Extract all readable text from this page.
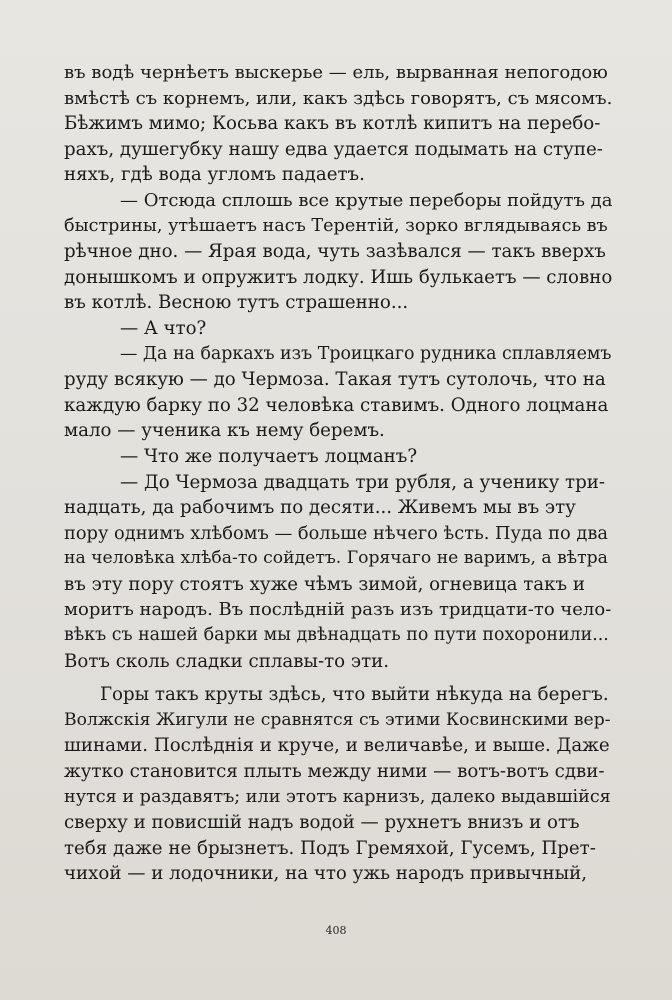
въ водѣ чернѣетъ выскерье — ель, вырванная непогодою
вмѣстѣ съ корнемъ, или, какъ здѣсь говорятъ, съ мясомъ.
Бѣжимъ мимо; Косьва какъ въ котлѣ кипитъ на перебо-
рахъ, душегубку нашу едва удается подымать на ступе-
няхъ, гдѣ вода угломъ падаетъ.
— Отсюда сплошь все крутые переборы пойдутъ да
быстрины, утѣшаетъ насъ Терентій, зорко вглядываясь въ
рѣчное дно. — Ярая вода, чуть зазѣвался — такъ вверхъ
донышкомъ и опружитъ лодку. Ишь булькаетъ — словно
въ котлѣ. Весною тутъ страшенно...
— А что?
— Да на баркахъ изъ Троицкаго рудника сплавляемъ
руду всякую — до Чермоза. Такая тутъ сутолочь, что на
каждую барку по 32 человѣка ставимъ. Одного лоцмана
мало — ученика къ нему беремъ.
— Что же получаетъ лоцманъ?
— До Чермоза двадцать три рубля, а ученику три-
надцать, да рабочимъ по десяти... Живемъ мы въ эту
пору однимъ хлѣбомъ — больше нѣчего ѣсть. Пуда по два
на человѣка хлѣба-то сойдетъ. Горячаго не варимъ, а вѣтра
въ эту пору стоятъ хуже чѣмъ зимой, огневица такъ и
моритъ народъ. Въ послѣдній разъ изъ тридцати-то чело-
вѣкъ съ нашей барки мы двѣнадцать по пути похоронили...
Вотъ сколь сладки сплавы-то эти.
Горы такъ круты здѣсь, что выйти нѣкуда на берегъ.
Волжскія Жигули не сравнятся съ этими Косвинскими вер-
шинами. Послѣднія и круче, и величавѣе, и выше. Даже
жутко становится плыть между ними — вотъ-вотъ сдви-
нутся и раздавятъ; или этотъ карнизъ, далеко выдавшійся
сверху и повисшій надъ водой — рухнетъ внизъ и отъ
тебя даже не брызнетъ. Подъ Гремяхой, Гусемъ, Прет-
чихой — и лодочники, на что ужь народъ привычный,
408
